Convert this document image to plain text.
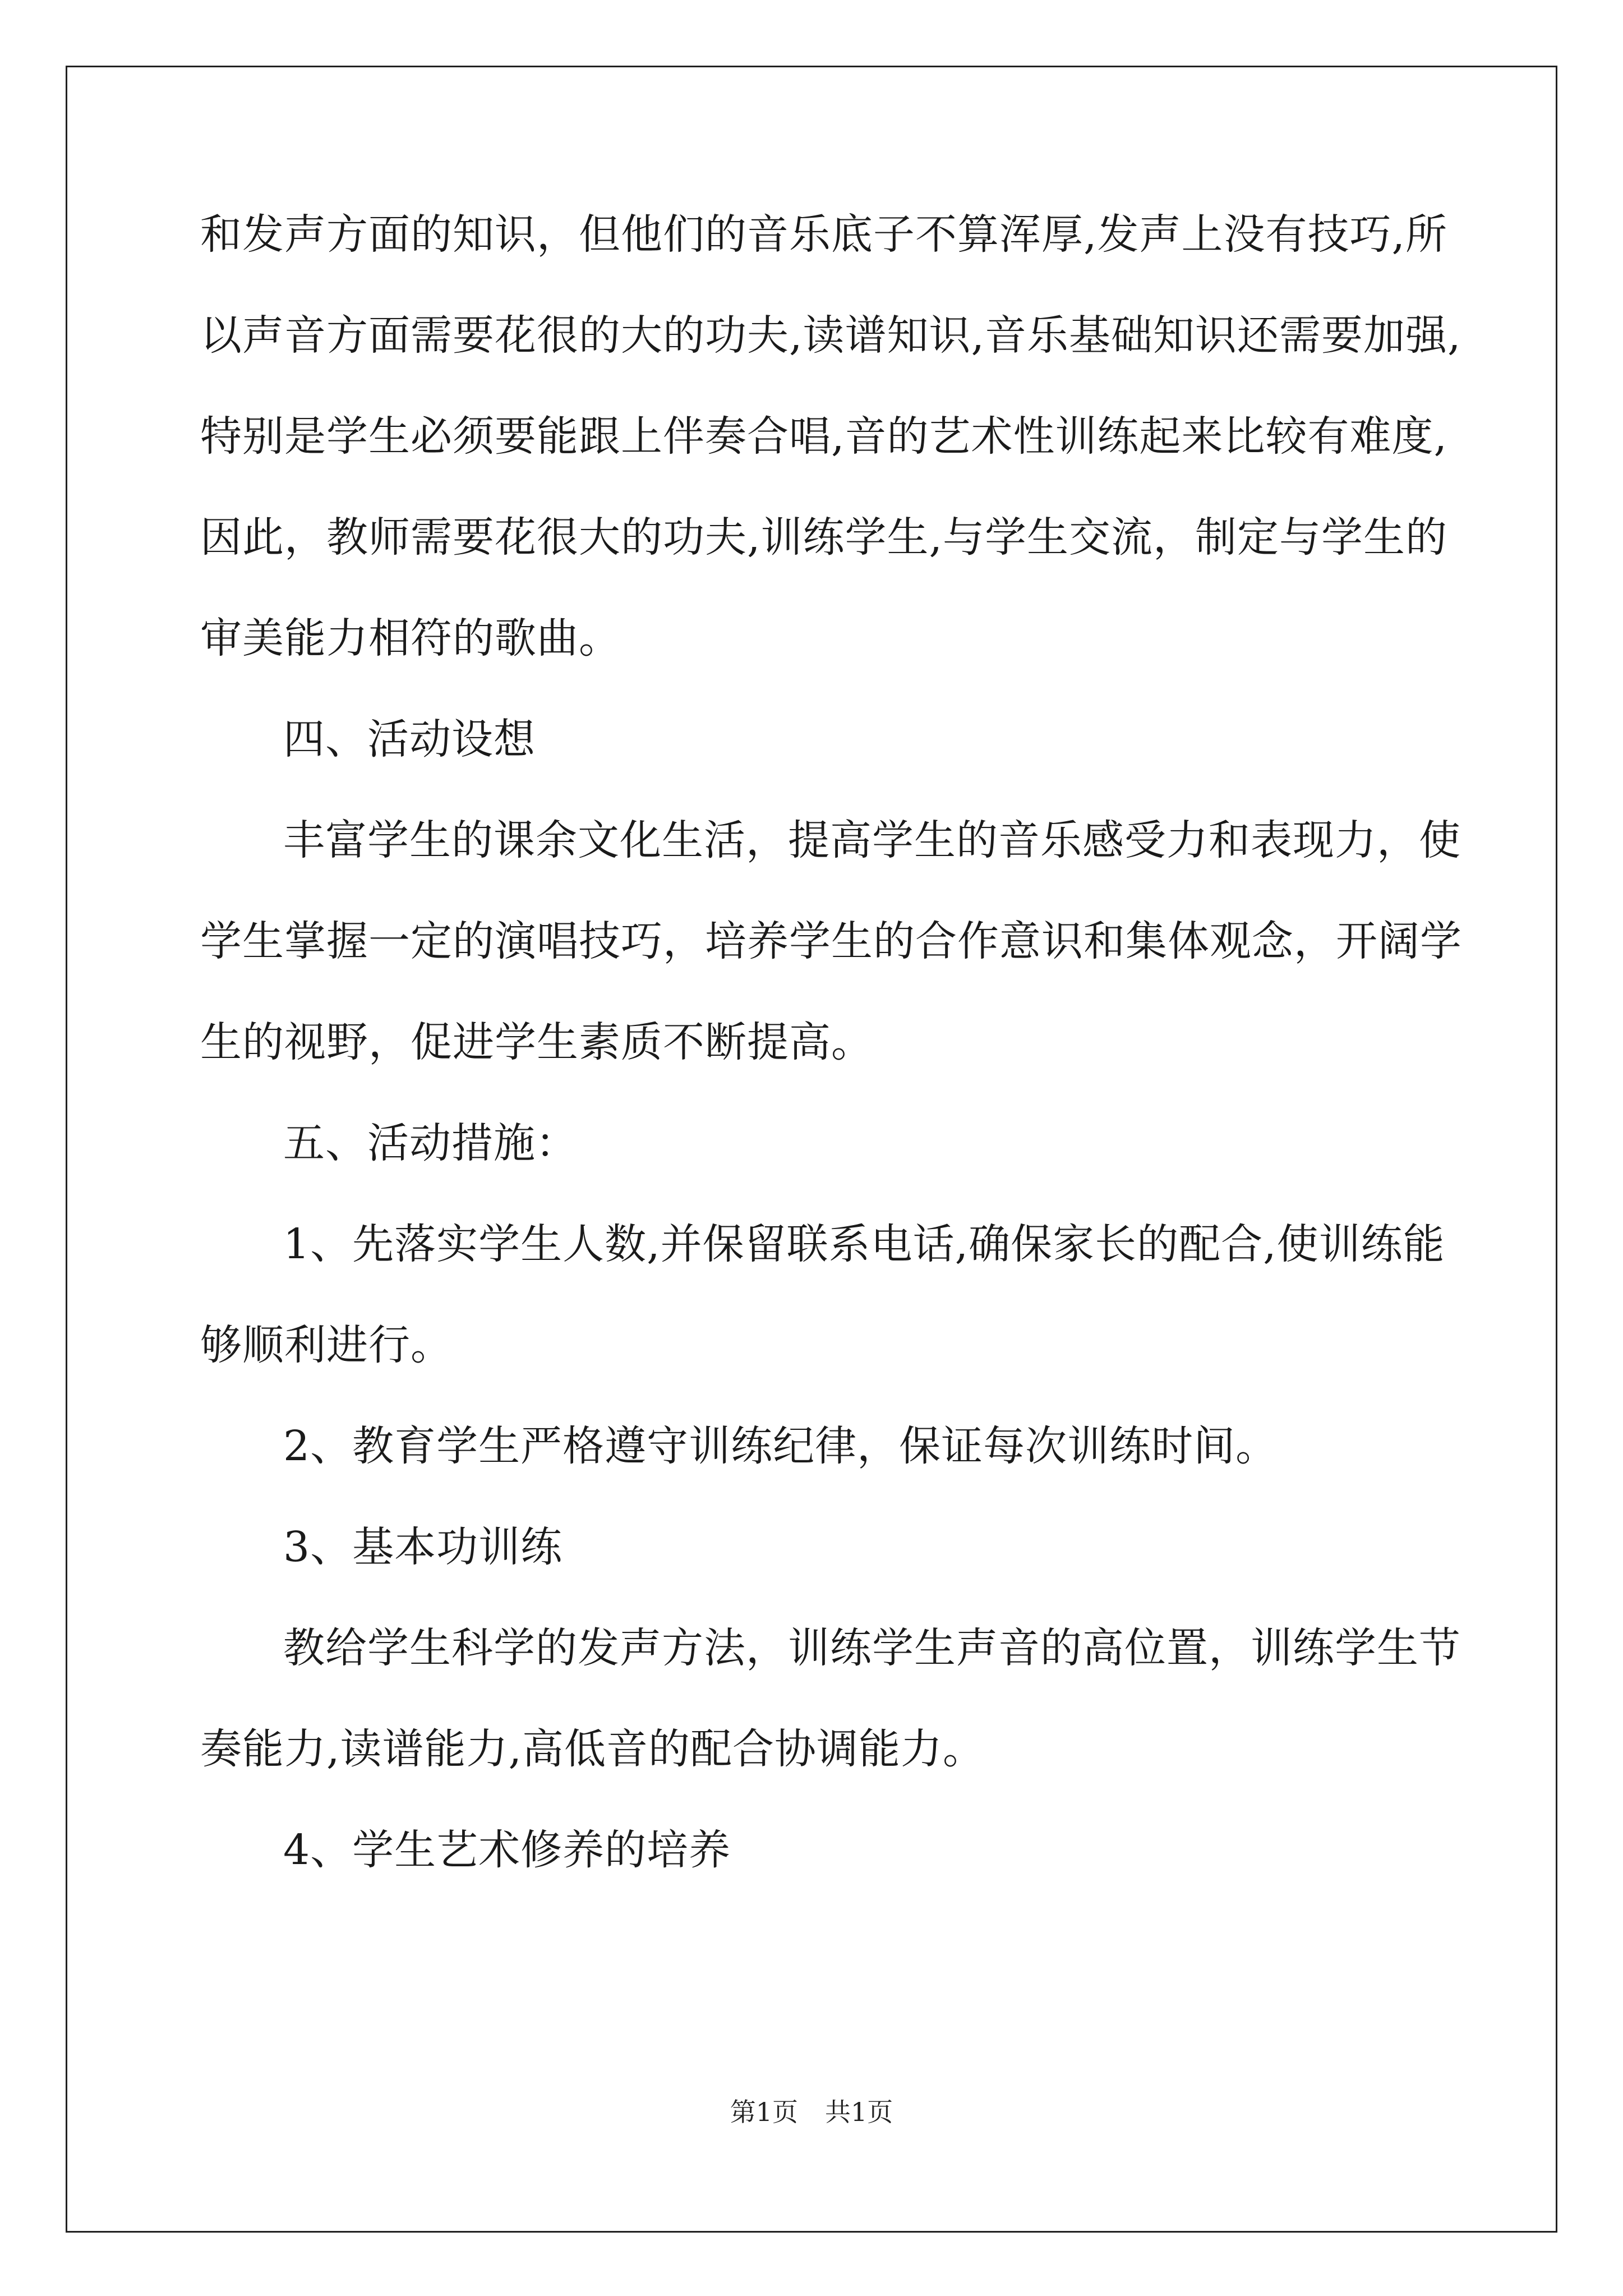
和发声方面的知识，但他们的音乐底子不算浑厚,发声上没有技巧,所
以声音方面需要花很的大的功夫,读谱知识,音乐基础知识还需要加强,
特别是学生必须要能跟上伴奏合唱,音的艺术性训练起来比较有难度,
因此，教师需要花很大的功夫,训练学生,与学生交流，制定与学生的
审美能力相符的歌曲。
四、活动设想
丰富学生的课余文化生活，提高学生的音乐感受力和表现力，使
学生掌握一定的演唱技巧，培养学生的合作意识和集体观念，开阔学
生的视野，促进学生素质不断提高。
五、活动措施：
1、先落实学生人数,并保留联系电话,确保家长的配合,使训练能
够顺利进行。
2、教育学生严格遵守训练纪律，保证每次训练时间。
3、基本功训练
教给学生科学的发声方法，训练学生声音的高位置，训练学生节
奏能力,读谱能力,高低音的配合协调能力。
4、学生艺术修养的培养
第1页 共1页
